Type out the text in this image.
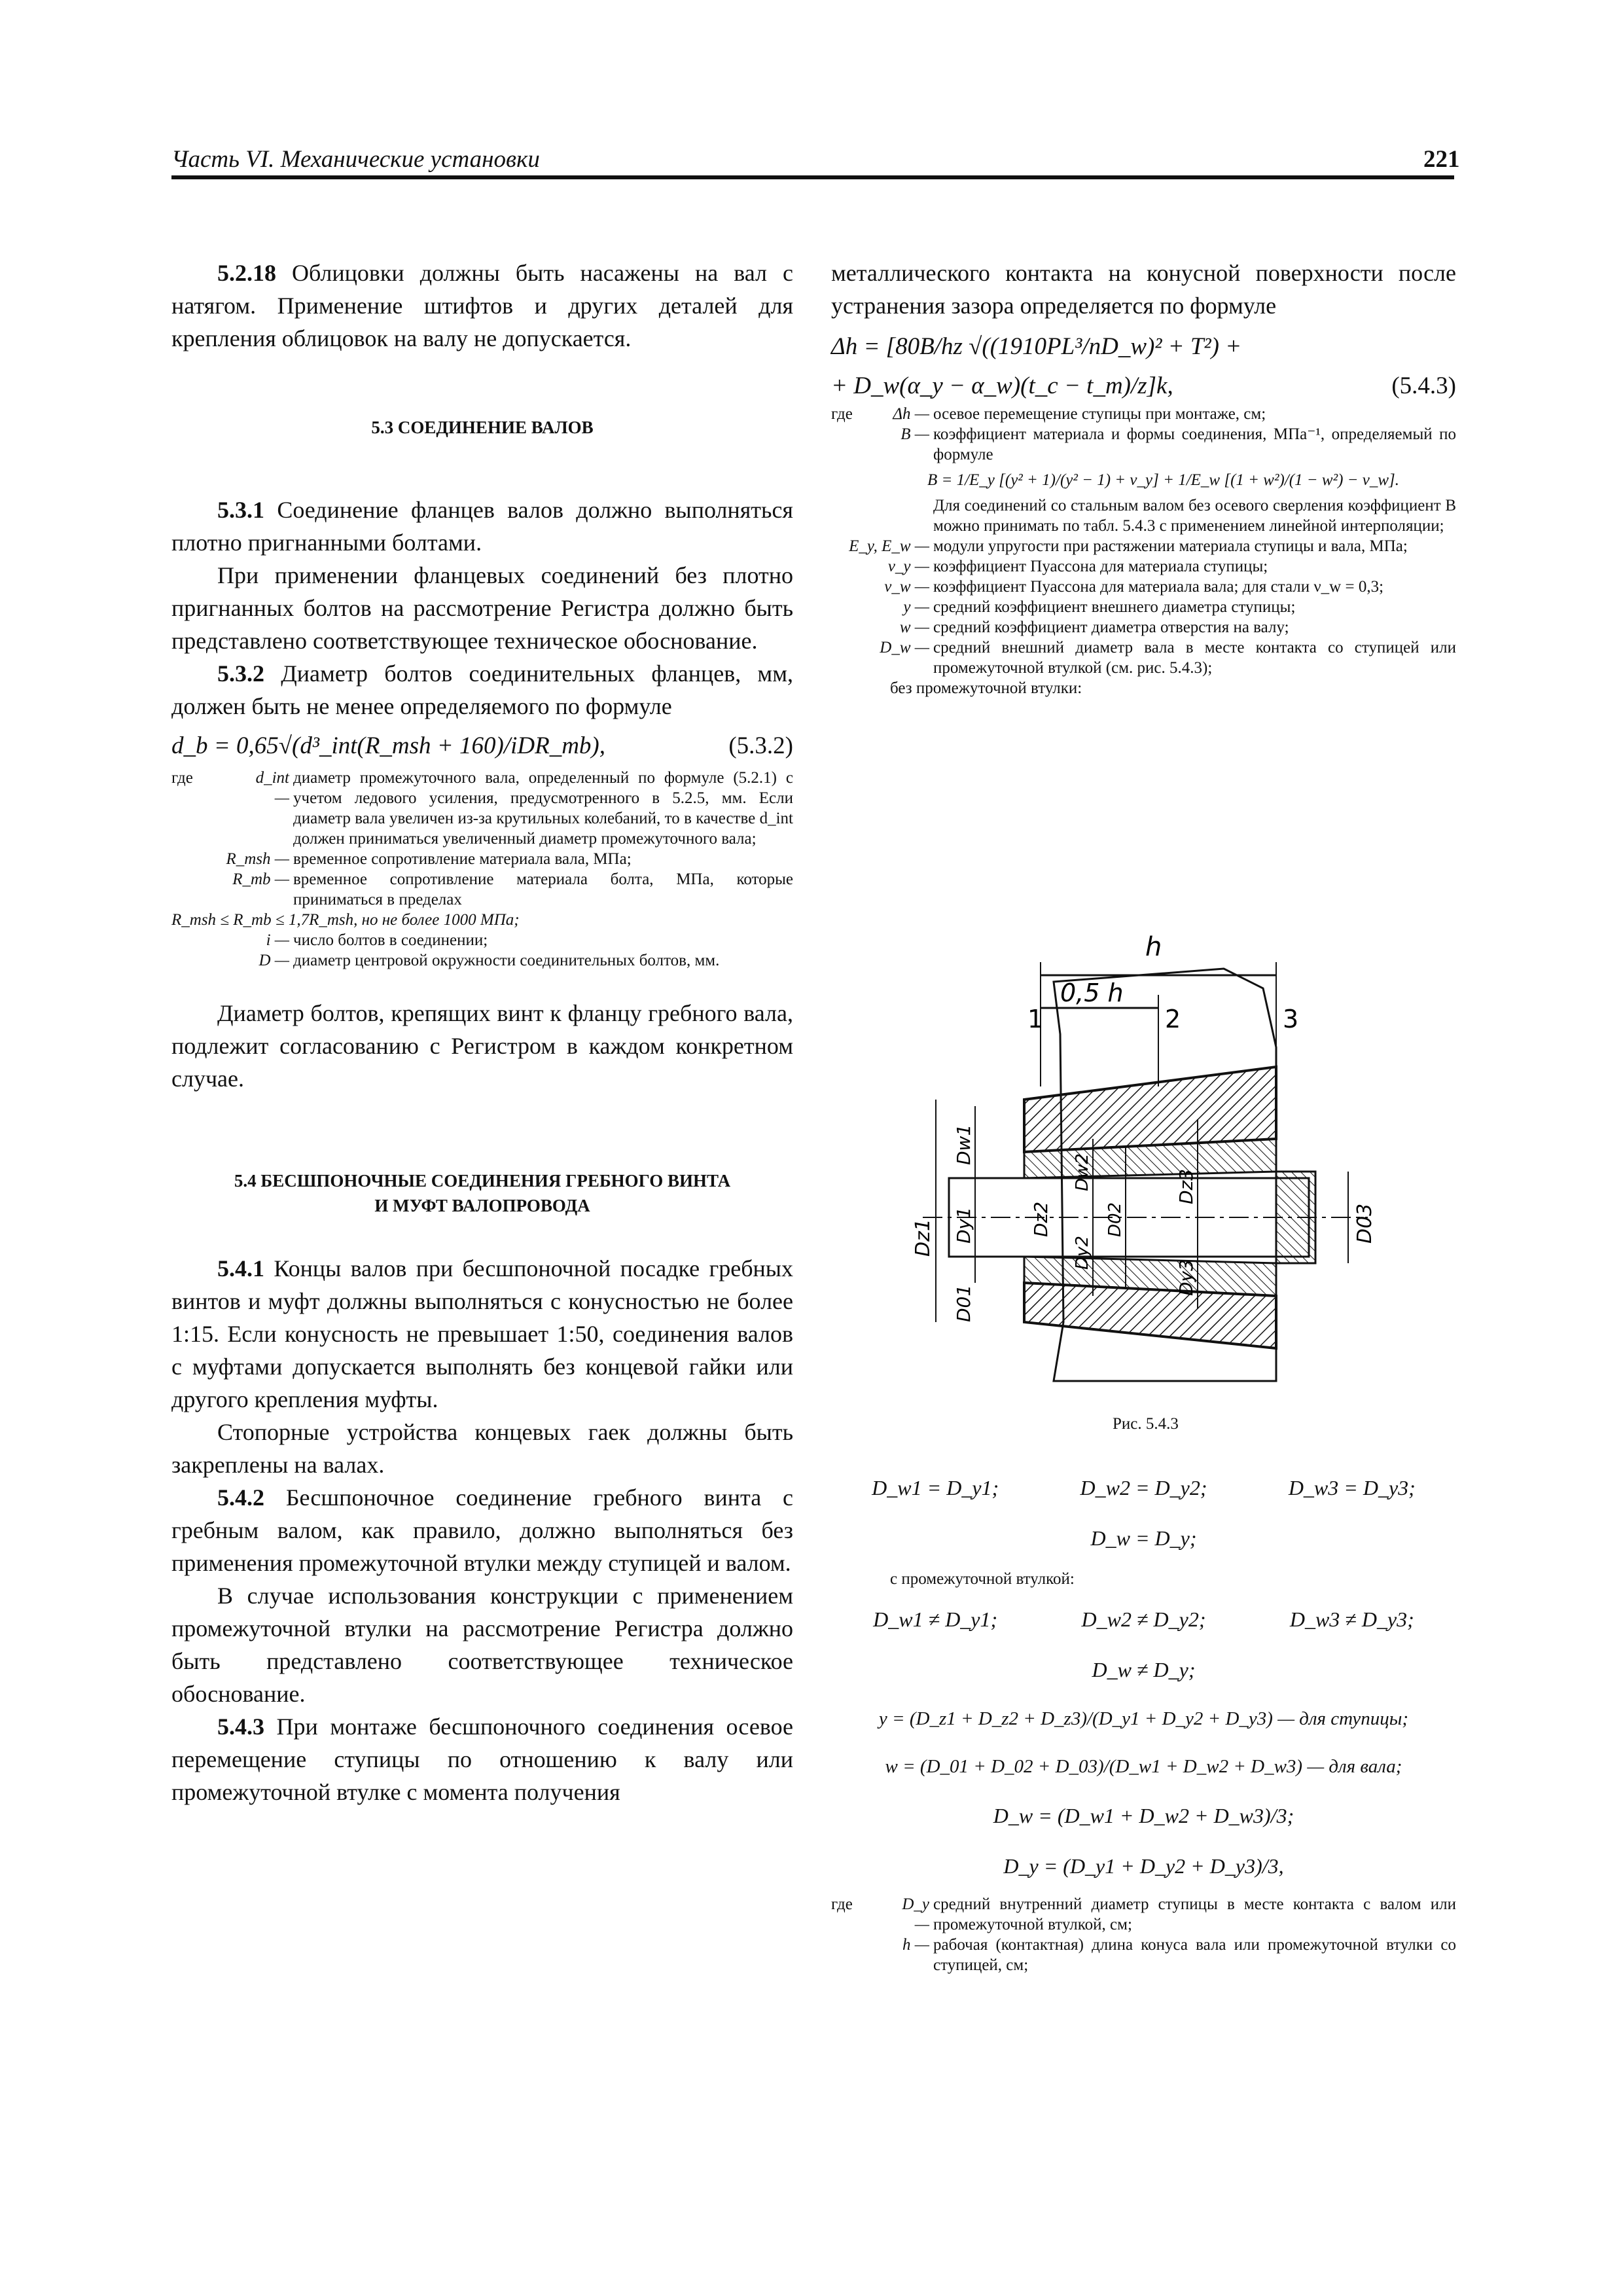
Часть VI. Механические установки	221

5.2.18 Облицовки должны быть насажены на вал с натягом. Применение штифтов и других деталей для крепления облицовок на валу не допускается.

5.3 СОЕДИНЕНИЕ ВАЛОВ

5.3.1 Соединение фланцев валов должно выполняться плотно пригнанными болтами.

При применении фланцевых соединений без плотно пригнанных болтов на рассмотрение Регистра должно быть представлено соответствующее техническое обоснование.

5.3.2 Диаметр болтов соединительных фланцев, мм, должен быть не менее определяемого по формуле

d_b = 0,65√(d³_int(R_msh + 160)/iDR_mb),	(5.3.2)
где	d_int —
диаметр промежуточного вала, определенный по формуле (5.2.1) с учетом ледового усиления, предусмотренного в 5.2.5, мм. Если диаметр вала увеличен из-за крутильных колебаний, то в качестве d_int должен приниматься увеличенный диаметр промежуточного вала;
R_msh — временное сопротивление материала вала, МПа;
R_mb — временное сопротивление материала болта, МПа, которые приниматься в пределах
R_msh ≤ R_mb ≤ 1,7R_msh, но не более 1000 МПа;
i — число болтов в соединении;
D — диаметр центровой окружности соединительных болтов, мм.

Диаметр болтов, крепящих винт к фланцу гребного вала, подлежит согласованию с Регистром в каждом конкретном случае.

5.4 БЕСШПОНОЧНЫЕ СОЕДИНЕНИЯ ГРЕБНОГО ВИНТА

И МУФТ ВАЛОПРОВОДА

5.4.1 Концы валов при бесшпоночной посадке гребных винтов и муфт должны выполняться с конусностью не более 1:15. Если конусность не превышает 1:50, соединения валов с муфтами допускается выполнять без концевой гайки или другого крепления муфты.

Стопорные устройства концевых гаек должны быть закреплены на валах.

5.4.2 Бесшпоночное соединение гребного винта с гребным валом, как правило, должно выполняться без применения промежуточной втулки между ступицей и валом.

В случае использования конструкции с применением промежуточной втулки на рассмотрение Регистра должно быть представлено соответствующее техническое обоснование.

5.4.3 При монтаже бесшпоночного соединения осевое перемещение ступицы по отношению к валу или промежуточной втулке с момента получения

металлического контакта на конусной поверхности после устранения зазора определяется по формуле

Δh = [80B/hz √((1910PL³/nD_w)² + T²) +
+ D_w(α_y − α_w)(t_c − t_m)/z]k,	(5.4.3)
где	Δh — осевое перемещение ступицы при монтаже, см;
B — коэффициент материала и формы соединения, МПа⁻¹, определяемый по формуле
B = 1/E_y [(y² + 1)/(y² − 1) + ν_y] + 1/E_w [(1 + w²)/(1 − w²) − ν_w].
Для соединений со стальным валом без осевого сверления коэффициент B можно принимать по табл. 5.4.3 с применением линейной интерполяции;
E_y, E_w — модули упругости при растяжении материала ступицы и вала, МПа;
ν_y — коэффициент Пуассона для материала ступицы;
ν_w — коэффициент Пуассона для материала вала; для стали ν_w = 0,3;
y — средний коэффициент внешнего диаметра ступицы;
w — средний коэффициент диаметра отверстия на валу;
D_w — средний внешний диаметр вала в месте контакта со ступицей или промежуточной втулкой (см. рис. 5.4.3);
без промежуточной втулки:
h
0,5 h
1	2	3
Dz1
Dw1
Dy1
D01
Dz2
Dw2
Dy2
D02
Dz3
Dy3
D03
Рис. 5.4.3
D_w1 = D_y1;	D_w2 = D_y2;	D_w3 = D_y3;
D_w = D_y;
с промежуточной втулкой:
D_w1 ≠ D_y1;	D_w2 ≠ D_y2;	D_w3 ≠ D_y3;
D_w ≠ D_y;
y = (D_z1 + D_z2 + D_z3)/(D_y1 + D_y2 + D_y3) — для ступицы;
w = (D_01 + D_02 + D_03)/(D_w1 + D_w2 + D_w3) — для вала;
D_w = (D_w1 + D_w2 + D_w3)/3;
D_y = (D_y1 + D_y2 + D_y3)/3,
где	D_y —
средний внутренний диаметр ступицы в месте контакта с валом или промежуточной втулкой, см;
h — рабочая (контактная) длина конуса вала или промежуточной втулки со ступицей, см;
